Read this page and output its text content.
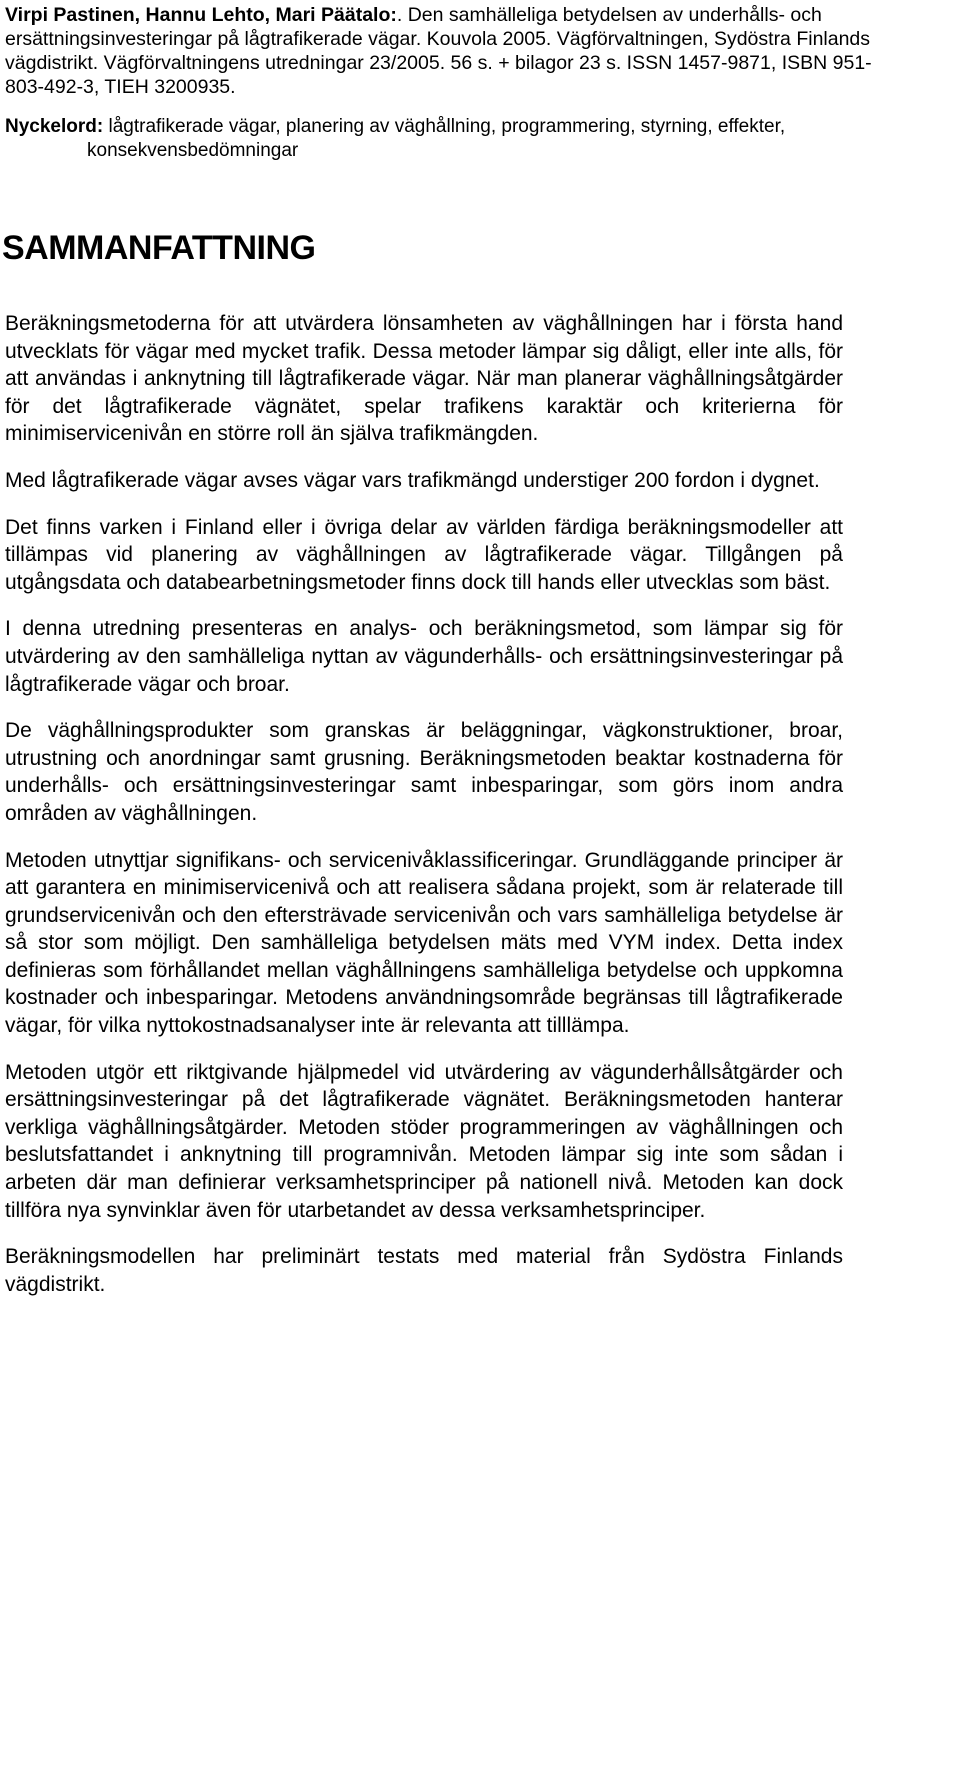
Virpi Pastinen, Hannu Lehto, Mari Päätalo:. Den samhälleliga betydelsen av underhålls- och ersättningsinvesteringar på lågtrafikerade vägar. Kouvola 2005. Vägförvaltningen, Sydöstra Finlands vägdistrikt. Vägförvaltningens utredningar 23/2005. 56 s. + bilagor 23 s. ISSN 1457-9871, ISBN 951-803-492-3, TIEH 3200935.

Nyckelord: lågtrafikerade vägar, planering av väghållning, programmering, styrning, effekter, konsekvensbedömningar

SAMMANFATTNING

Beräkningsmetoderna för att utvärdera lönsamheten av väghållningen har i första hand utvecklats för vägar med mycket trafik. Dessa metoder lämpar sig dåligt, eller inte alls, för att användas i anknytning till lågtrafikerade vägar. När man planerar väghållningsåtgärder för det lågtrafikerade vägnätet, spelar trafikens karaktär och kriterierna för minimiservicenivån en större roll än själva trafikmängden.

Med lågtrafikerade vägar avses vägar vars trafikmängd understiger 200 fordon i dygnet.

Det finns varken i Finland eller i övriga delar av världen färdiga beräkningsmodeller att tillämpas vid planering av väghållningen av lågtrafikerade vägar. Tillgången på utgångsdata och databearbetningsmetoder finns dock till hands eller utvecklas som bäst.

I denna utredning presenteras en analys- och beräkningsmetod, som lämpar sig för utvärdering av den samhälleliga nyttan av vägunderhålls- och ersättningsinvesteringar på lågtrafikerade vägar och broar.

De väghållningsprodukter som granskas är beläggningar, vägkonstruktioner, broar, utrustning och anordningar samt grusning. Beräkningsmetoden beaktar kostnaderna för underhålls- och ersättningsinvesteringar samt inbesparingar, som görs inom andra områden av väghållningen.

Metoden utnyttjar signifikans- och servicenivåklassificeringar. Grundläggande principer är att garantera en minimiservicenivå och att realisera sådana projekt, som är relaterade till grundservicenivån och den eftersträvade servicenivån och vars samhälleliga betydelse är så stor som möjligt. Den samhälleliga betydelsen mäts med VYM index. Detta index definieras som förhållandet mellan väghållningens samhälleliga betydelse och uppkomna kostnader och inbesparingar. Metodens användningsområde begränsas till lågtrafikerade vägar, för vilka nyttokostnadsanalyser inte är relevanta att tilllämpa.

Metoden utgör ett riktgivande hjälpmedel vid utvärdering av vägunderhållsåtgärder och ersättningsinvesteringar på det lågtrafikerade vägnätet. Beräkningsmetoden hanterar verkliga väghållningsåtgärder. Metoden stöder programmeringen av väghållningen och beslutsfattandet i anknytning till programnivån. Metoden lämpar sig inte som sådan i arbeten där man definierar verksamhetsprinciper på nationell nivå. Metoden kan dock tillföra nya synvinklar även för utarbetandet av dessa verksamhetsprinciper.

Beräkningsmodellen har preliminärt testats med material från Sydöstra Finlands vägdistrikt.
